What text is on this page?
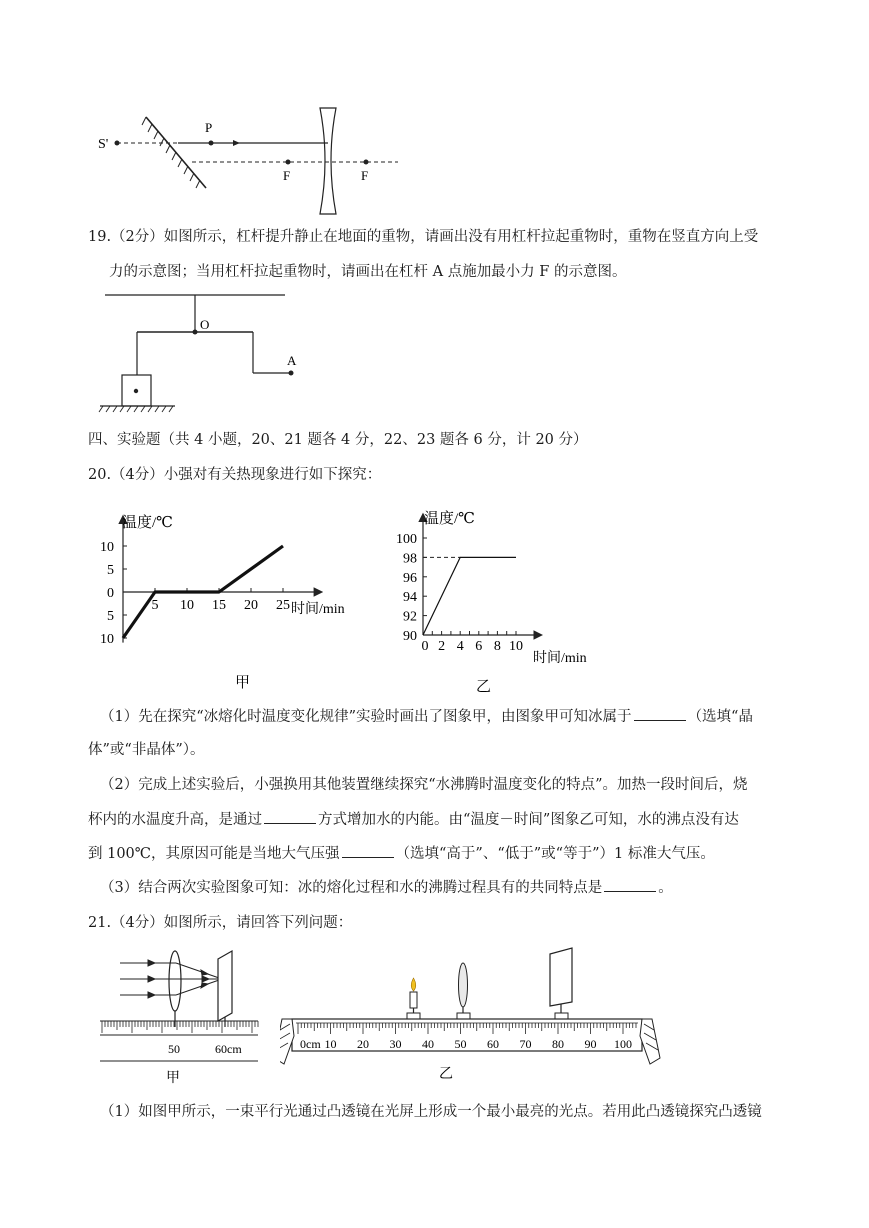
S'
P
F	F
19.（2分）如图所示，杠杆提升静止在地面的重物，请画出没有用杠杆拉起重物时，重物在竖直方向上受
力的示意图；当用杠杆拉起重物时，请画出在杠杆 A 点施加最小力 F 的示意图。
O
A
四、实验题（共 4 小题，20、21 题各 4 分，22、23 题各 6 分，计 20 分）
20.（4分）小强对有关热现象进行如下探究：
10
5
0
5
10
5 10 15 20 25
温度/℃
时间/min
甲
90
92
94
96
98
100
0 2 4 6 8 10
温度/℃
时间/min
乙
（1）先在探究“冰熔化时温度变化规律”实验时画出了图象甲，由图象甲可知冰属于	（选填“晶
体”或“非晶体”）。
（2）完成上述实验后，小强换用其他装置继续探究“水沸腾时温度变化的特点”。加热一段时间后，烧
杯内的水温度升高，是通过	方式增加水的内能。由“温度－时间”图象乙可知，水的沸点没有达
到 100℃，其原因可能是当地大气压强	（选填“高于”、“低于”或“等于”）1 标准大气压。
（3）结合两次实验图象可知：冰的熔化过程和水的沸腾过程具有的共同特点是	。
21.（4分）如图所示，请回答下列问题：
50	60cm
甲
0cm 10 20 30 40 50 60 70 80 90 100
乙
（1）如图甲所示，一束平行光通过凸透镜在光屏上形成一个最小最亮的光点。若用此凸透镜探究凸透镜
